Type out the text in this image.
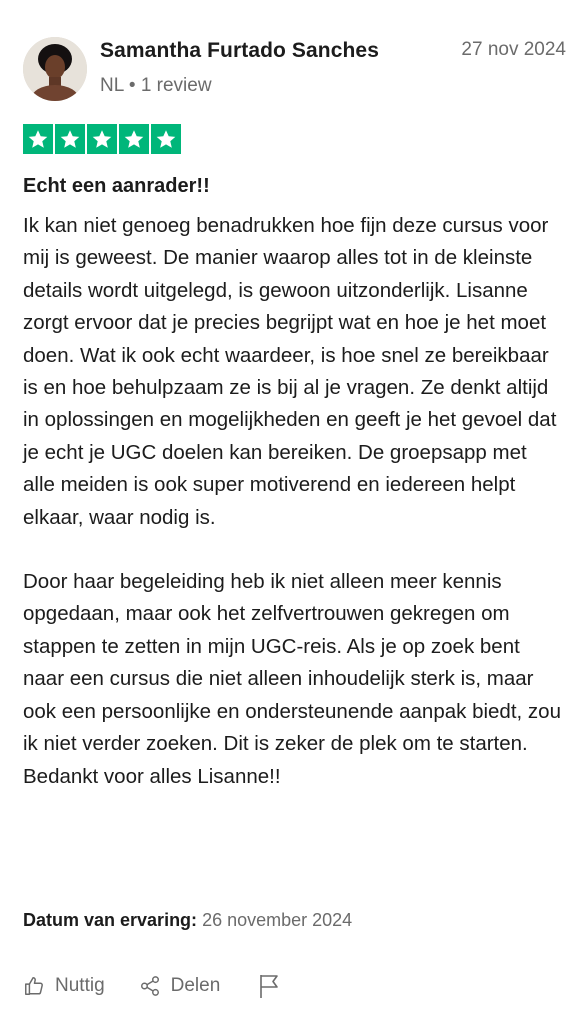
Samantha Furtado Sanches
NL • 1 review
27 nov 2024
Echt een aanrader!!

Ik kan niet genoeg benadrukken hoe fijn deze cursus voor mij is geweest. De manier waarop alles tot in de kleinste details wordt uitgelegd, is gewoon uitzonderlijk. Lisanne zorgt ervoor dat je precies begrijpt wat en hoe je het moet doen. Wat ik ook echt waardeer, is hoe snel ze bereikbaar is en hoe behulpzaam ze is bij al je vragen. Ze denkt altijd in oplossingen en mogelijkheden en geeft je het gevoel dat je echt je UGC doelen kan bereiken. De groepsapp met alle meiden is ook super motiverend en iedereen helpt elkaar, waar nodig is.

Door haar begeleiding heb ik niet alleen meer kennis opgedaan, maar ook het zelfvertrouwen gekregen om stappen te zetten in mijn UGC-reis. Als je op zoek bent naar een cursus die niet alleen inhoudelijk sterk is, maar ook een persoonlijke en ondersteunende aanpak biedt, zou ik niet verder zoeken. Dit is zeker de plek om te starten. Bedankt voor alles Lisanne!!

Datum van ervaring: 26 november 2024
Nuttig	Delen
